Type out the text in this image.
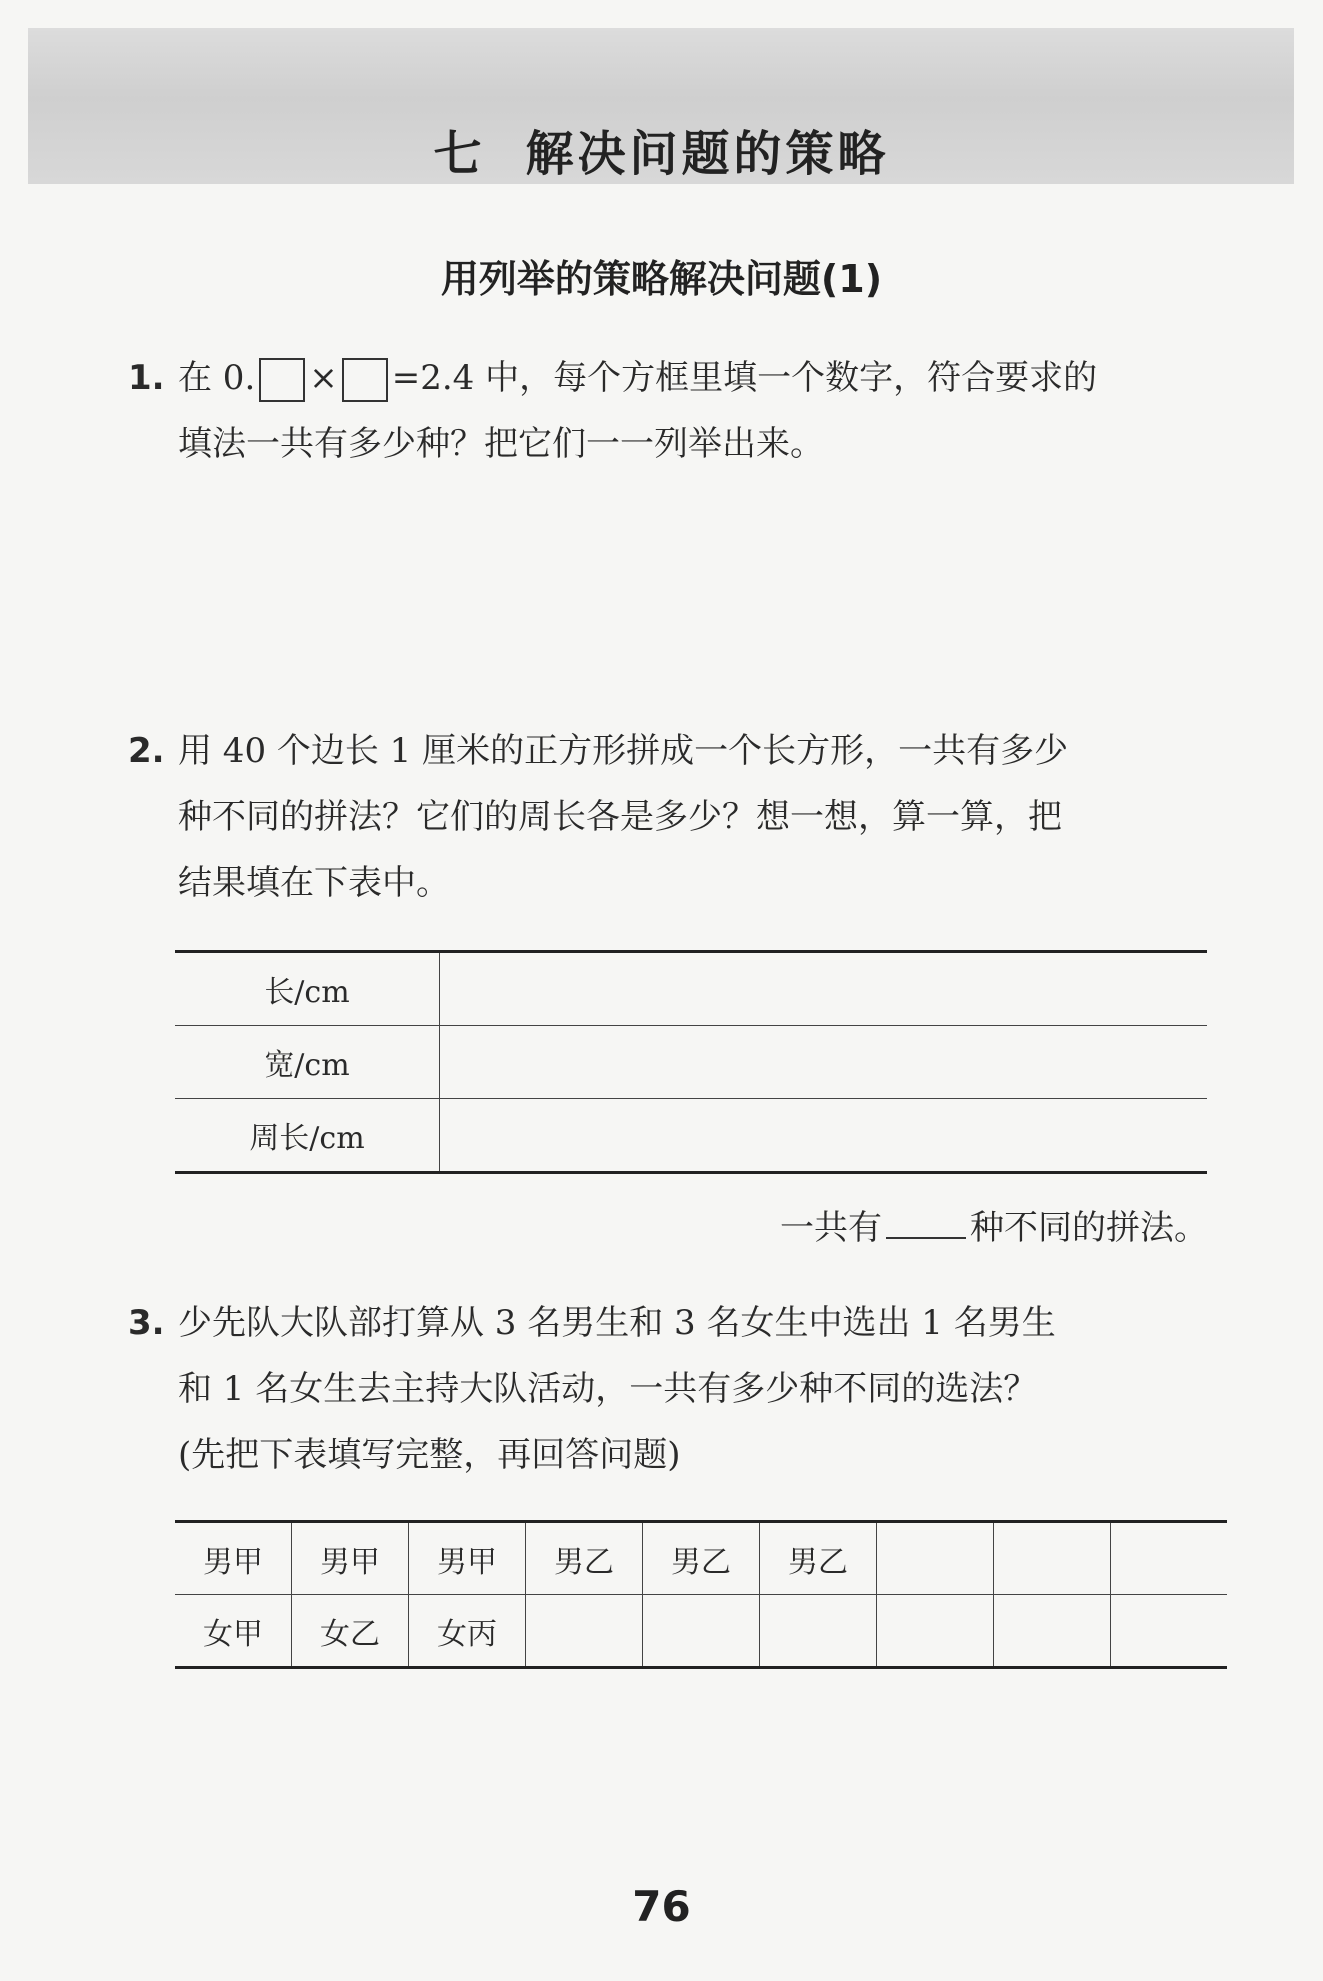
七 解决问题的策略
用列举的策略解决问题(1)
1. 在 0. × =2.4 中，每个方框里填一个数字，符合要求的
填法一共有多少种？把它们一一列举出来。
2. 用 40 个边长 1 厘米的正方形拼成一个长方形，一共有多少
种不同的拼法？它们的周长各是多少？想一想，算一算，把
结果填在下表中。
长/cm	
宽/cm	
周长/cm	
一共有	种不同的拼法。
3. 少先队大队部打算从 3 名男生和 3 名女生中选出 1 名男生
和 1 名女生去主持大队活动，一共有多少种不同的选法？
(先把下表填写完整，再回答问题)
男甲	男甲	男甲	男乙	男乙	男乙			
女甲	女乙	女丙						
76
